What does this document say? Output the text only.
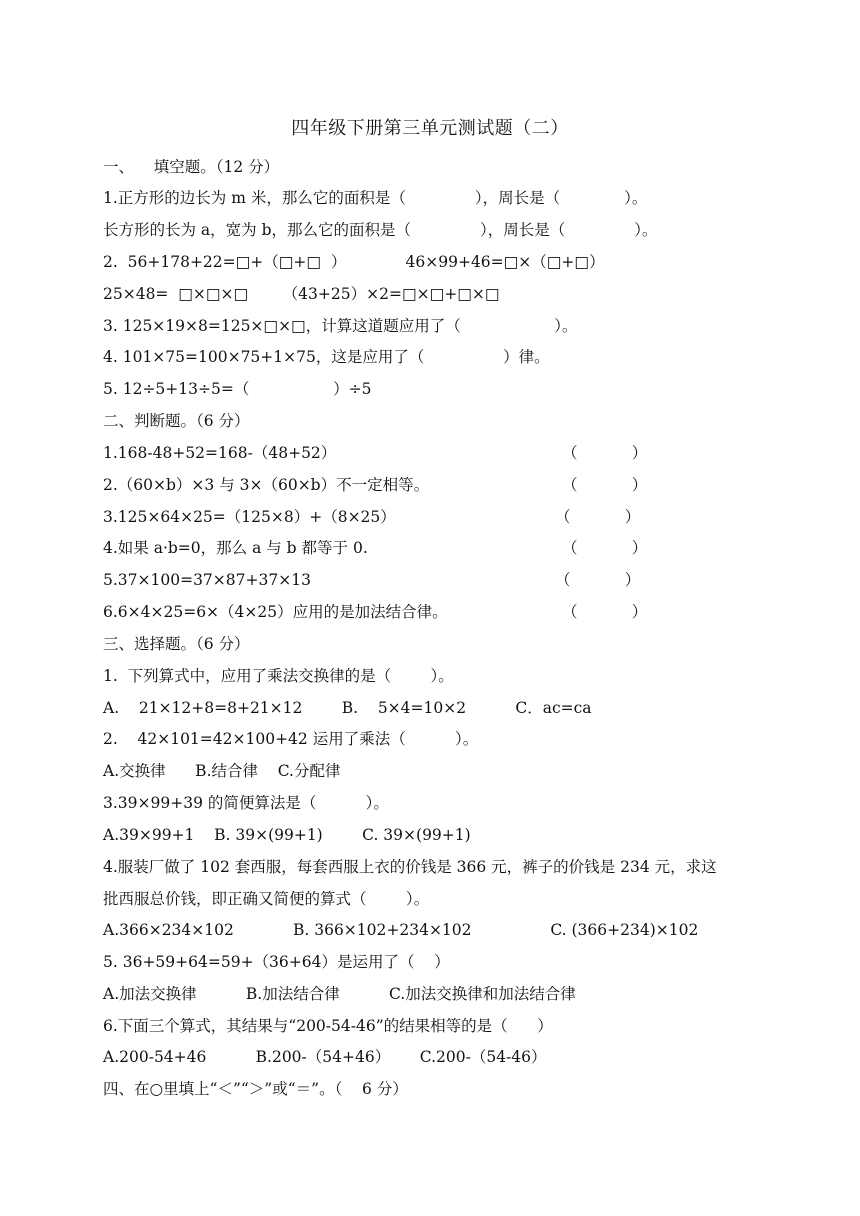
四年级下册第三单元测试题（二）
一、    填空题。（12 分）
1.正方形的边长为 m 米，那么它的面积是（              ），周长是（             ）。
长方形的长为 a，宽为 b，那么它的面积是（              ），周长是（              ）。
2.  56+178+22=□+（□+□  ）            46×99+46=□×（□+□）
25×48=  □×□×□       （43+25）×2=□×□+□×□
3. 125×19×8=125×□×□，计算这道题应用了（                   ）。
4. 101×75=100×75+1×75，这是应用了（                ）律。
5. 12÷5+13÷5=（                 ）÷5
二、判断题。（6 分）
1.168-48+52=168-（48+52）	（           ）
2.（60×b）×3 与 3×（60×b）不一定相等。	（           ）
3.125×64×25=（125×8）+（8×25）	（           ）
4.如果 a·b=0，那么 a 与 b 都等于 0.	（           ）
5.37×100=37×87+37×13	（           ）
6.6×4×25=6×（4×25）应用的是加法结合律。	（           ）
三、选择题。（6 分）
1.  下列算式中，应用了乘法交换律的是（        ）。
A.    21×12+8=8+21×12        B.    5×4=10×2          C．ac=ca
2.    42×101=42×100+42 运用了乘法（          ）。
A.交换律      B.结合律    C.分配律
3.39×99+39 的简便算法是（          ）。
A.39×99+1    B. 39×(99+1)        C. 39×(99+1)
4.服装厂做了 102 套西服，每套西服上衣的价钱是 366 元，裤子的价钱是 234 元，求这
批西服总价钱，即正确又简便的算式（        ）。
A.366×234×102            B. 366×102+234×102                C. (366+234)×102
5. 36+59+64=59+（36+64）是运用了（    ）
A.加法交换律          B.加法结合律          C.加法交换律和加法结合律
6.下面三个算式，其结果与“200-54-46”的结果相等的是（      ）
A.200-54+46          B.200-（54+46）      C.200-（54-46）
四、在○里填上“＜”“＞”或“＝”。（    6 分）
